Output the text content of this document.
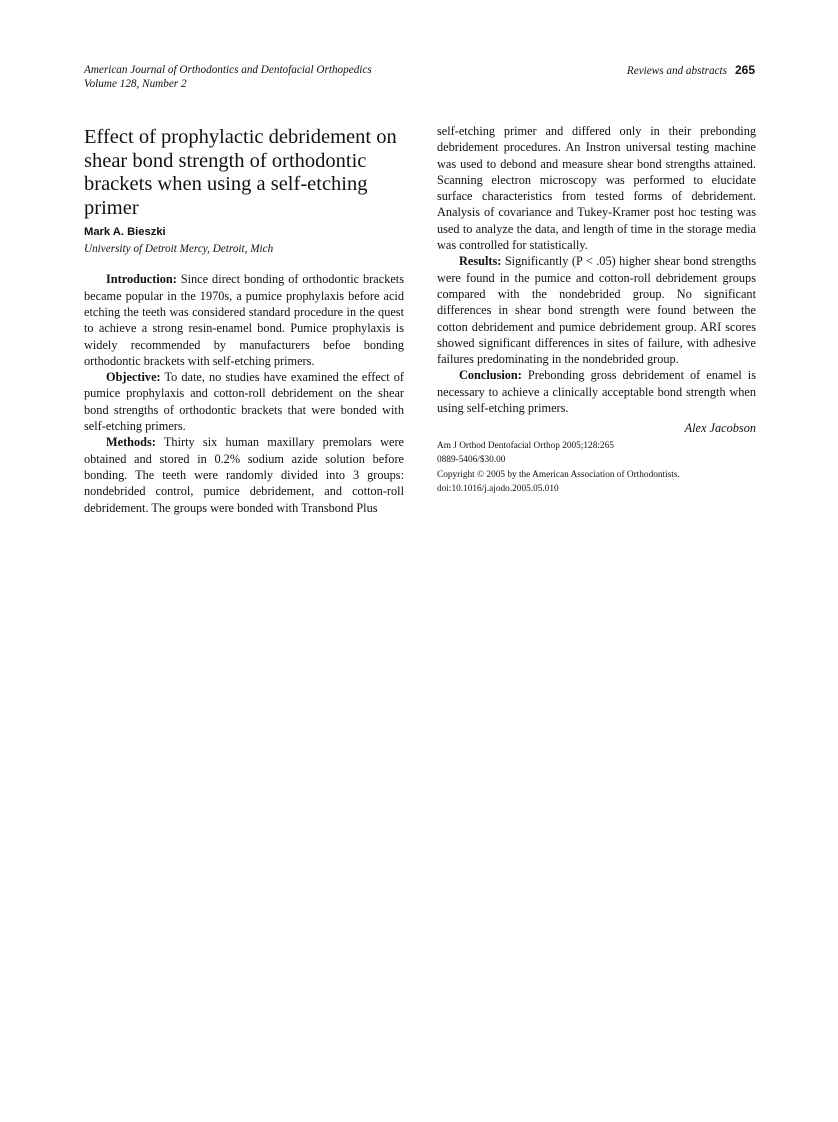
American Journal of Orthodontics and Dentofacial Orthopedics
Volume 128, Number 2
Reviews and abstracts 265
Effect of prophylactic debridement on shear bond strength of orthodontic brackets when using a self-etching primer
Mark A. Bieszki
University of Detroit Mercy, Detroit, Mich

Introduction: Since direct bonding of orthodontic brackets became popular in the 1970s, a pumice prophylaxis before acid etching the teeth was considered standard procedure in the quest to achieve a strong resin-enamel bond. Pumice prophylaxis is widely recommended by manufacturers befoe bonding orthodontic brackets with self-etching primers.

Objective: To date, no studies have examined the effect of pumice prophylaxis and cotton-roll debridement on the shear bond strengths of orthodontic brackets that were bonded with self-etching primers.

Methods: Thirty six human maxillary premolars were obtained and stored in 0.2% sodium azide solution before bonding. The teeth were randomly divided into 3 groups: nondebrided control, pumice debridement, and cotton-roll debridement. The groups were bonded with Transbond Plus

self-etching primer and differed only in their prebonding debridement procedures. An Instron universal testing machine was used to debond and measure shear bond strengths attained. Scanning electron microscopy was performed to elucidate surface characteristics from tested forms of debridement. Analysis of covariance and Tukey-Kramer post hoc testing was used to analyze the data, and length of time in the storage media was controlled for statistically.

Results: Significantly (P < .05) higher shear bond strengths were found in the pumice and cotton-roll debridement groups compared with the nondebrided group. No significant differences in shear bond strength were found between the cotton debridement and pumice debridement group. ARI scores showed significant differences in sites of failure, with adhesive failures predominating in the nondebrided group.

Conclusion: Prebonding gross debridement of enamel is necessary to achieve a clinically acceptable bond strength when using self-etching primers.

Alex Jacobson
Am J Orthod Dentofacial Orthop 2005;128:265
0889-5406/$30.00
Copyright © 2005 by the American Association of Orthodontists.
doi:10.1016/j.ajodo.2005.05.010
